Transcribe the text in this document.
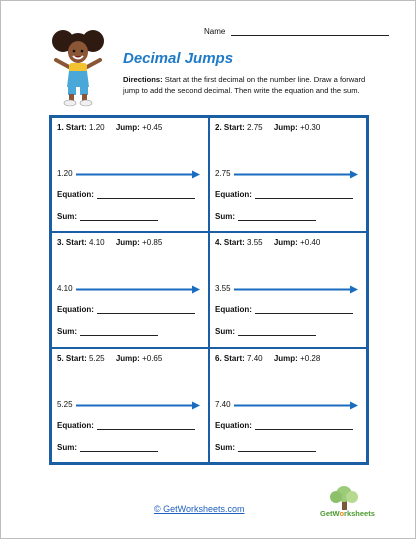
Name
Decimal Jumps
Directions: Start at the first decimal on the number line. Draw a forward jump to add the second decimal. Then write the equation and the sum.
1. Start: 1.20 Jump: +0.45
1.20
Equation:
Sum:
2. Start: 2.75 Jump: +0.30
2.75
Equation:
Sum:
3. Start: 4.10 Jump: +0.85
4.10
Equation:
Sum:
4. Start: 3.55 Jump: +0.40
3.55
Equation:
Sum:
5. Start: 5.25 Jump: +0.65
5.25
Equation:
Sum:
6. Start: 7.40 Jump: +0.28
7.40
Equation:
Sum:
© GetWorksheets.com	GetWorksheets
